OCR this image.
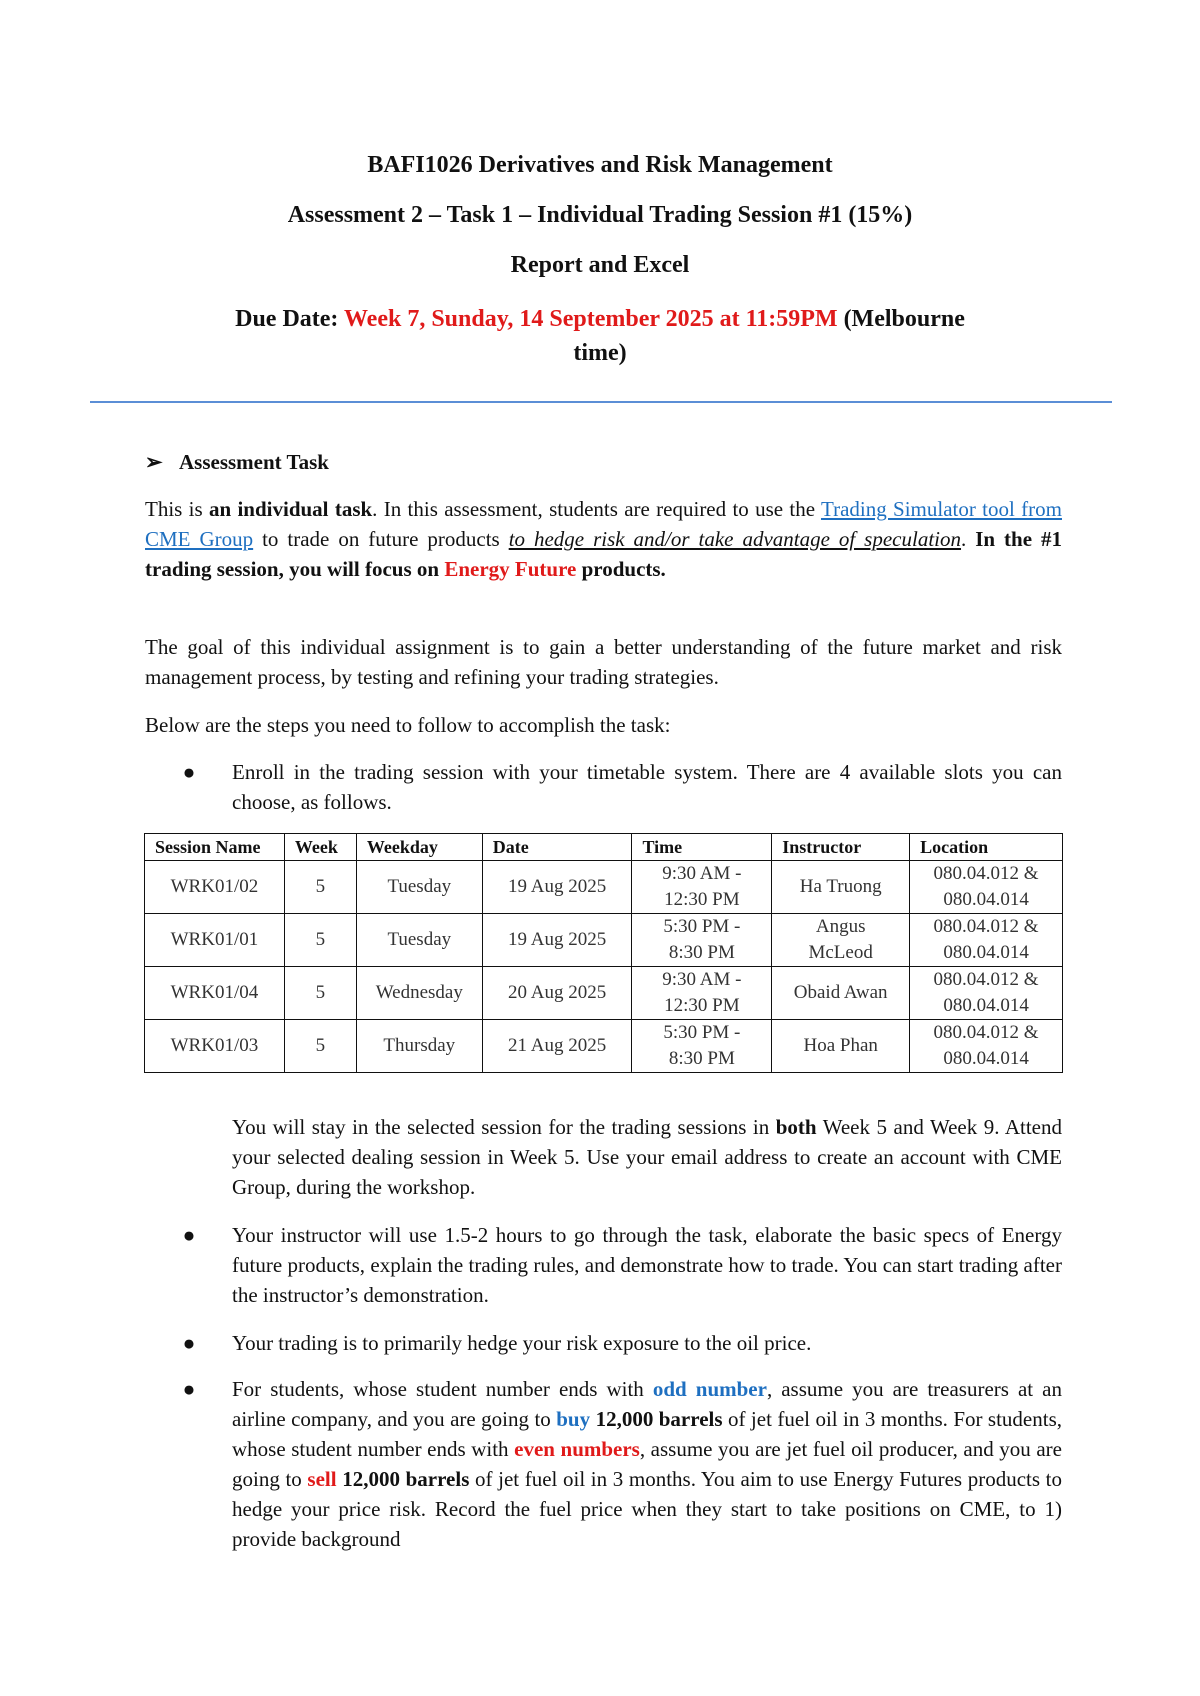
BAFI1026 Derivatives and Risk Management
Assessment 2 – Task 1 – Individual Trading Session #1 (15%)
Report and Excel
Due Date: Week 7, Sunday, 14 September 2025 at 11:59PM (Melbourne
time)
➢ Assessment Task
This is an individual task. In this assessment, students are required to use the Trading Simulator tool from CME Group to trade on future products to hedge risk and/or take advantage of speculation. In the #1 trading session, you will focus on Energy Future products.
The goal of this individual assignment is to gain a better understanding of the future market and risk management process, by testing and refining your trading strategies.
Below are the steps you need to follow to accomplish the task:
● Enroll in the trading session with your timetable system. There are 4 available slots you can choose, as follows.
Session Name	Week	Weekday	Date	Time	Instructor	Location
WRK01/02	5	Tuesday	19 Aug 2025	9:30 AM -
12:30 PM	Ha Truong	080.04.012 &
080.04.014
WRK01/01	5	Tuesday	19 Aug 2025	5:30 PM -
8:30 PM	Angus
McLeod	080.04.012 &
080.04.014
WRK01/04	5	Wednesday	20 Aug 2025	9:30 AM -
12:30 PM	Obaid Awan	080.04.012 &
080.04.014
WRK01/03	5	Thursday	21 Aug 2025	5:30 PM -
8:30 PM	Hoa Phan	080.04.012 &
080.04.014
You will stay in the selected session for the trading sessions in both Week 5 and Week 9. Attend your selected dealing session in Week 5. Use your email address to create an account with CME Group, during the workshop.
● Your instructor will use 1.5-2 hours to go through the task, elaborate the basic specs of Energy future products, explain the trading rules, and demonstrate how to trade. You can start trading after the instructor’s demonstration.
● Your trading is to primarily hedge your risk exposure to the oil price.
● For students, whose student number ends with odd number, assume you are treasurers at an airline company, and you are going to buy 12,000 barrels of jet fuel oil in 3 months. For students, whose student number ends with even numbers, assume you are jet fuel oil producer, and you are going to sell 12,000 barrels of jet fuel oil in 3 months. You aim to use Energy Futures products to hedge your price risk. Record the fuel price when they start to take positions on CME, to 1) provide background
